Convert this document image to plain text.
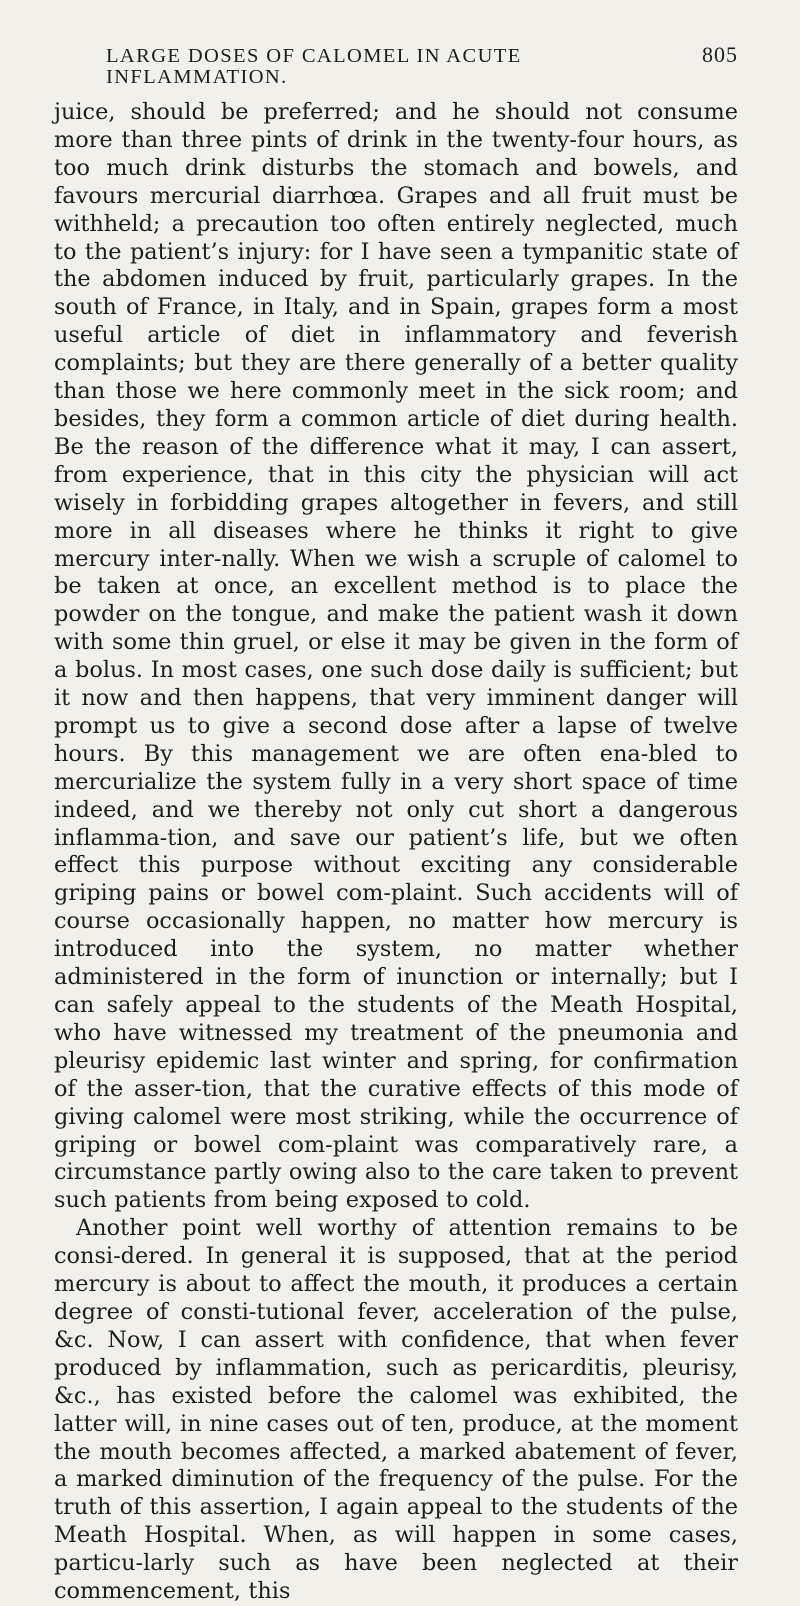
LARGE DOSES OF CALOMEL IN ACUTE INFLAMMATION.
805

juice, should be preferred; and he should not consume more than three pints of drink in the twenty-four hours, as too much drink disturbs the stomach and bowels, and favours mercurial diarrhœa. Grapes and all fruit must be withheld; a precaution too often entirely neglected, much to the patient’s injury: for I have seen a tympanitic state of the abdomen induced by fruit, particularly grapes. In the south of France, in Italy, and in Spain, grapes form a most useful article of diet in inflammatory and feverish complaints; but they are there generally of a better quality than those we here commonly meet in the sick room; and besides, they form a common article of diet during health. Be the reason of the difference what it may, I can assert, from experience, that in this city the physician will act wisely in forbidding grapes altogether in fevers, and still more in all diseases where he thinks it right to give mercury inter-nally. When we wish a scruple of calomel to be taken at once, an excellent method is to place the powder on the tongue, and make the patient wash it down with some thin gruel, or else it may be given in the form of a bolus. In most cases, one such dose daily is sufficient; but it now and then happens, that very imminent danger will prompt us to give a second dose after a lapse of twelve hours. By this management we are often ena-bled to mercurialize the system fully in a very short space of time indeed, and we thereby not only cut short a dangerous inflamma-tion, and save our patient’s life, but we often effect this purpose without exciting any considerable griping pains or bowel com-plaint. Such accidents will of course occasionally happen, no matter how mercury is introduced into the system, no matter whether administered in the form of inunction or internally; but I can safely appeal to the students of the Meath Hospital, who have witnessed my treatment of the pneumonia and pleurisy epidemic last winter and spring, for confirmation of the asser-tion, that the curative effects of this mode of giving calomel were most striking, while the occurrence of griping or bowel com-plaint was comparatively rare, a circumstance partly owing also to the care taken to prevent such patients from being exposed to cold.

Another point well worthy of attention remains to be consi-dered. In general it is supposed, that at the period mercury is about to affect the mouth, it produces a certain degree of consti-tutional fever, acceleration of the pulse, &c. Now, I can assert with confidence, that when fever produced by inflammation, such as pericarditis, pleurisy, &c., has existed before the calomel was exhibited, the latter will, in nine cases out of ten, produce, at the moment the mouth becomes affected, a marked abatement of fever, a marked diminution of the frequency of the pulse. For the truth of this assertion, I again appeal to the students of the Meath Hospital. When, as will happen in some cases, particu-larly such as have been neglected at their commencement, this
